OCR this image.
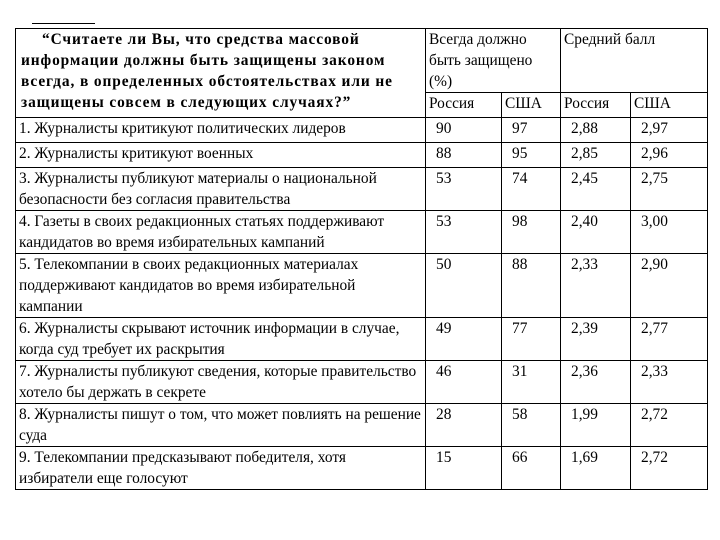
“Считаете ли Вы, что средства массовой информации должны быть защищены законом всегда, в определенных обстоятельствах или не защищены совсем в следующих случаях?”	Всегда должно быть защищено (%)		Средний балл	
	Россия	США	Россия	США
1. Журналисты критикуют политических лидеров	90	97	2,88	2,97
2. Журналисты критикуют военных	88	95	2,85	2,96
3. Журналисты публикуют материалы о национальной безопасности без согласия правительства	53	74	2,45	2,75
4. Газеты в своих редакционных статьях поддерживают кандидатов во время избирательных кампаний	53	98	2,40	3,00
5. Телекомпании в своих редакционных материалах поддерживают кандидатов во время избирательной кампании	50	88	2,33	2,90
6. Журналисты скрывают источник информации в случае, когда суд требует их раскрытия	49	77	2,39	2,77
7. Журналисты публикуют сведения, которые правительство хотело бы держать в секрете	46	31	2,36	2,33
8. Журналисты пишут о том, что может повлиять на решение суда	28	58	1,99	2,72
9. Телекомпании предсказывают победителя, хотя избиратели еще голосуют	15	66	1,69	2,72
